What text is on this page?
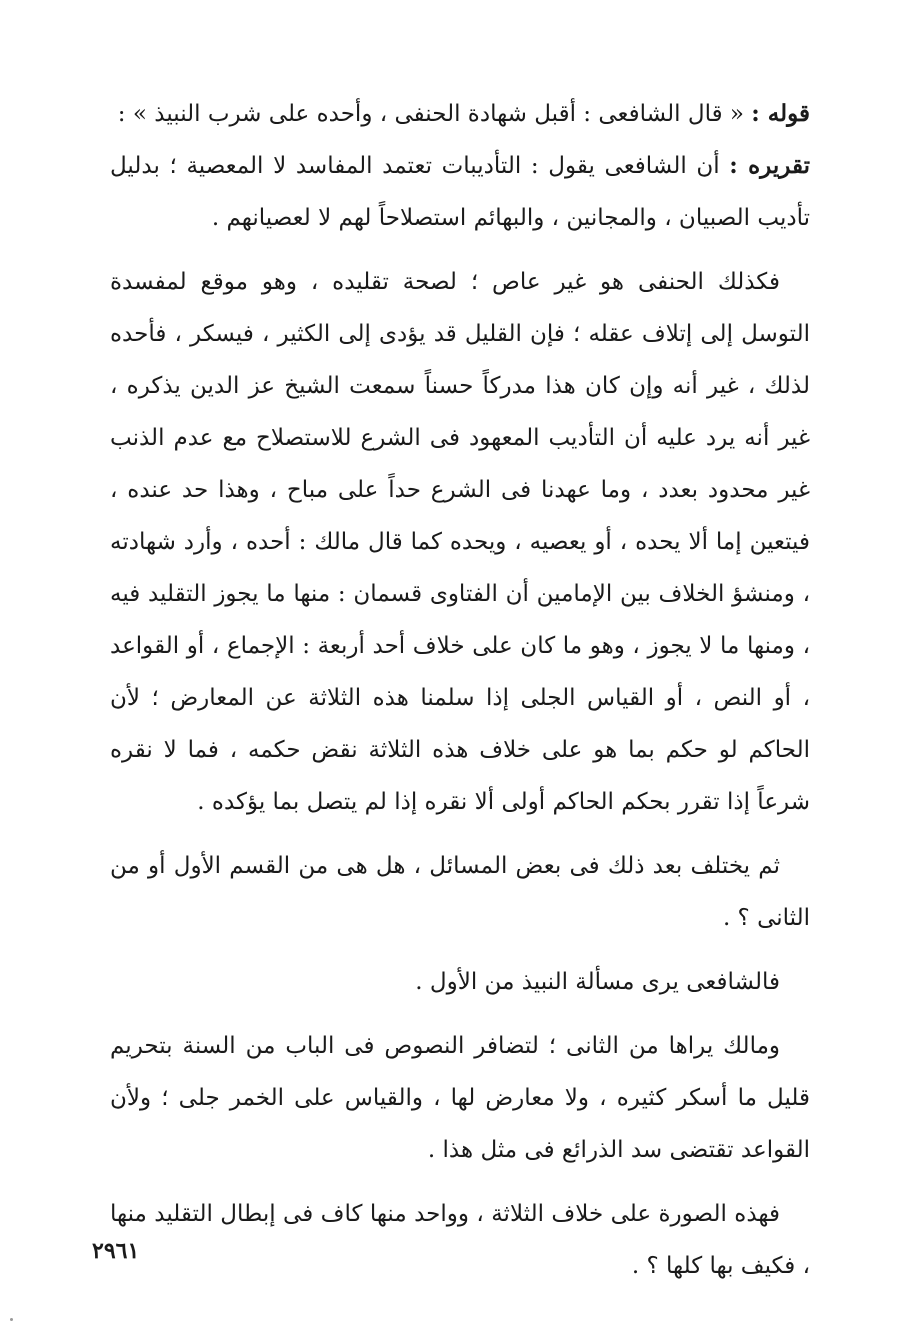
قوله : « قال الشافعى : أقبل شهادة الحنفى ، وأحده على شرب النبيذ » :

تقريره : أن الشافعى يقول : التأديبات تعتمد المفاسد لا المعصية ؛ بدليل تأديب الصبيان ، والمجانين ، والبهائم استصلاحاً لهم لا لعصيانهم .

فكذلك الحنفى هو غير عاص ؛ لصحة تقليده ، وهو موقع لمفسدة التوسل إلى إتلاف عقله ؛ فإن القليل قد يؤدى إلى الكثير ، فيسكر ، فأحده لذلك ، غير أنه وإن كان هذا مدركاً حسناً سمعت الشيخ عز الدين يذكره ، غير أنه يرد عليه أن التأديب المعهود فى الشرع للاستصلاح مع عدم الذنب غير محدود بعدد ، وما عهدنا فى الشرع حداً على مباح ، وهذا حد عنده ، فيتعين إما ألا يحده ، أو يعصيه ، ويحده كما قال مالك : أحده ، وأرد شهادته ، ومنشؤ الخلاف بين الإمامين أن الفتاوى قسمان : منها ما يجوز التقليد فيه ، ومنها ما لا يجوز ، وهو ما كان على خلاف أحد أربعة : الإجماع ، أو القواعد ، أو النص ، أو القياس الجلى إذا سلمنا هذه الثلاثة عن المعارض ؛ لأن الحاكم لو حكم بما هو على خلاف هذه الثلاثة نقض حكمه ، فما لا نقره شرعاً إذا تقرر بحكم الحاكم أولى ألا نقره إذا لم يتصل بما يؤكده .

ثم يختلف بعد ذلك فى بعض المسائل ، هل هى من القسم الأول أو من الثانى ؟ .

فالشافعى يرى مسألة النبيذ من الأول .

ومالك يراها من الثانى ؛ لتضافر النصوص فى الباب من السنة بتحريم قليل ما أسكر كثيره ، ولا معارض لها ، والقياس على الخمر جلى ؛ ولأن القواعد تقتضى سد الذرائع فى مثل هذا .

فهذه الصورة على خلاف الثلاثة ، وواحد منها كاف فى إبطال التقليد منها ، فكيف بها كلها ؟ .

٢٩٦١
